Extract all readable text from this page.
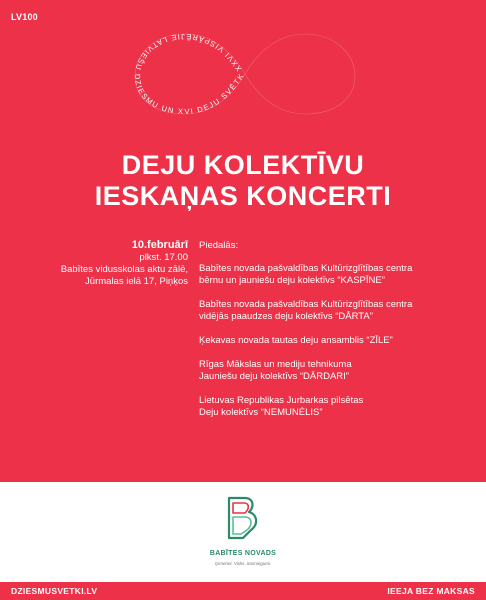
LV100
XXVI VISPĀRĒJIE LATVIEŠU DZIESMU UN XVI DEJU SVĒTK
DEJU KOLEKTĪVU
IESKAŅAS KONCERTI
10.februārī
plkst. 17.00
Babītes vidusskolas aktu zālē,
Jūrmalas ielā 17, Piņķos
Piedalās:
Babītes novada pašvaldības Kultūrizglītības centra
bērnu un jauniešu deju kolektīvs “KASPĪNE”
Babītes novada pašvaldības Kultūrizglītības centra
vidējās paaudzes deju kolektīvs “DĀRTA”
Ķekavas novada tautas deju ansamblis “ZĪLE”
Rīgas Mākslas un mediju tehnikuma
Jauniešu deju kolektīvs “DĀRDARI”
Lietuvas Republikas Jurbarkas pilsētas
Deju kolektīvs “NEMUNĖLIS”
BABĪTES NOVADS
Ģimenei. Videi. Sasniegumi.
DZIESMUSVETKI.LV	IEEJA BEZ MAKSAS
